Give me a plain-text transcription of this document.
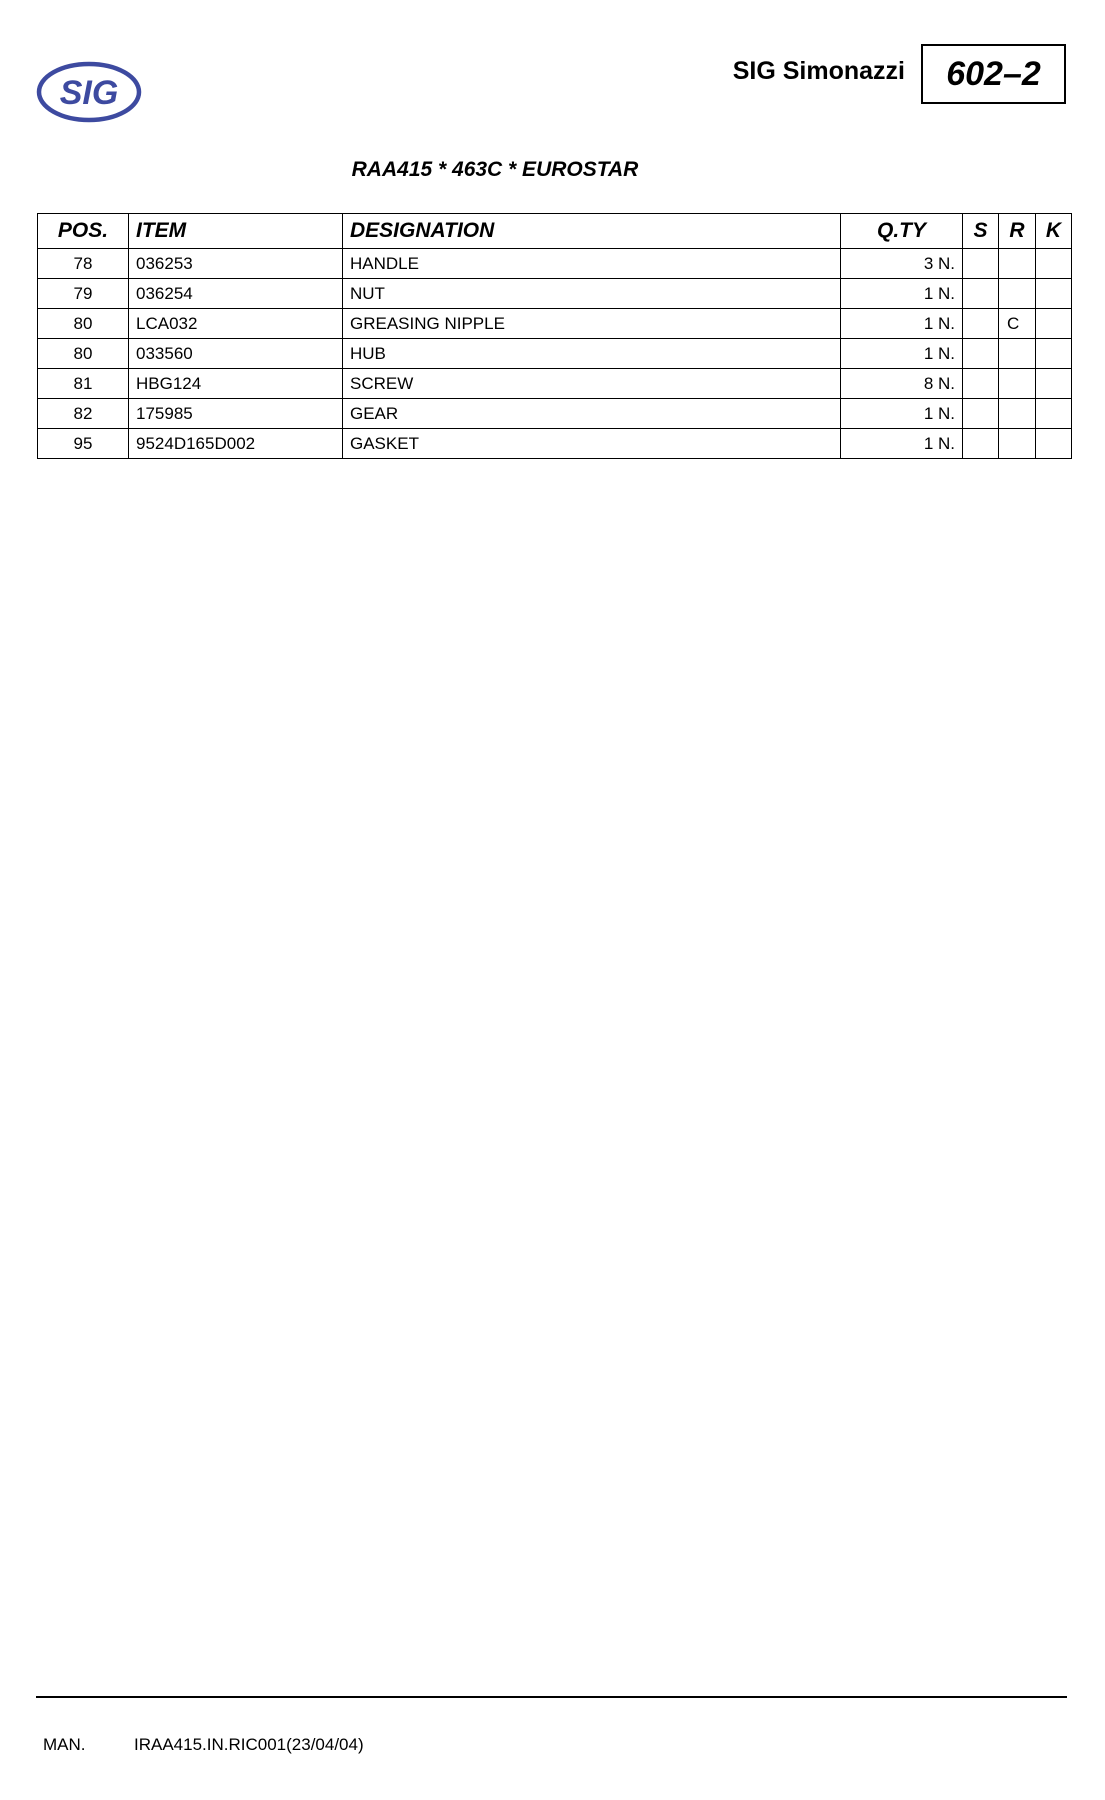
SIG
SIG Simonazzi 602–2
RAA415 * 463C * EUROSTAR
POS.	ITEM	DESIGNATION	Q.TY	S	R	K
78	036253	HANDLE	3 N.			
79	036254	NUT	1 N.			
80	LCA032	GREASING NIPPLE	1 N.		C	
80	033560	HUB	1 N.			
81	HBG124	SCREW	8 N.			
82	175985	GEAR	1 N.			
95	9524D165D002	GASKET	1 N.			
MAN.	IRAA415.IN.RIC001(23/04/04)
